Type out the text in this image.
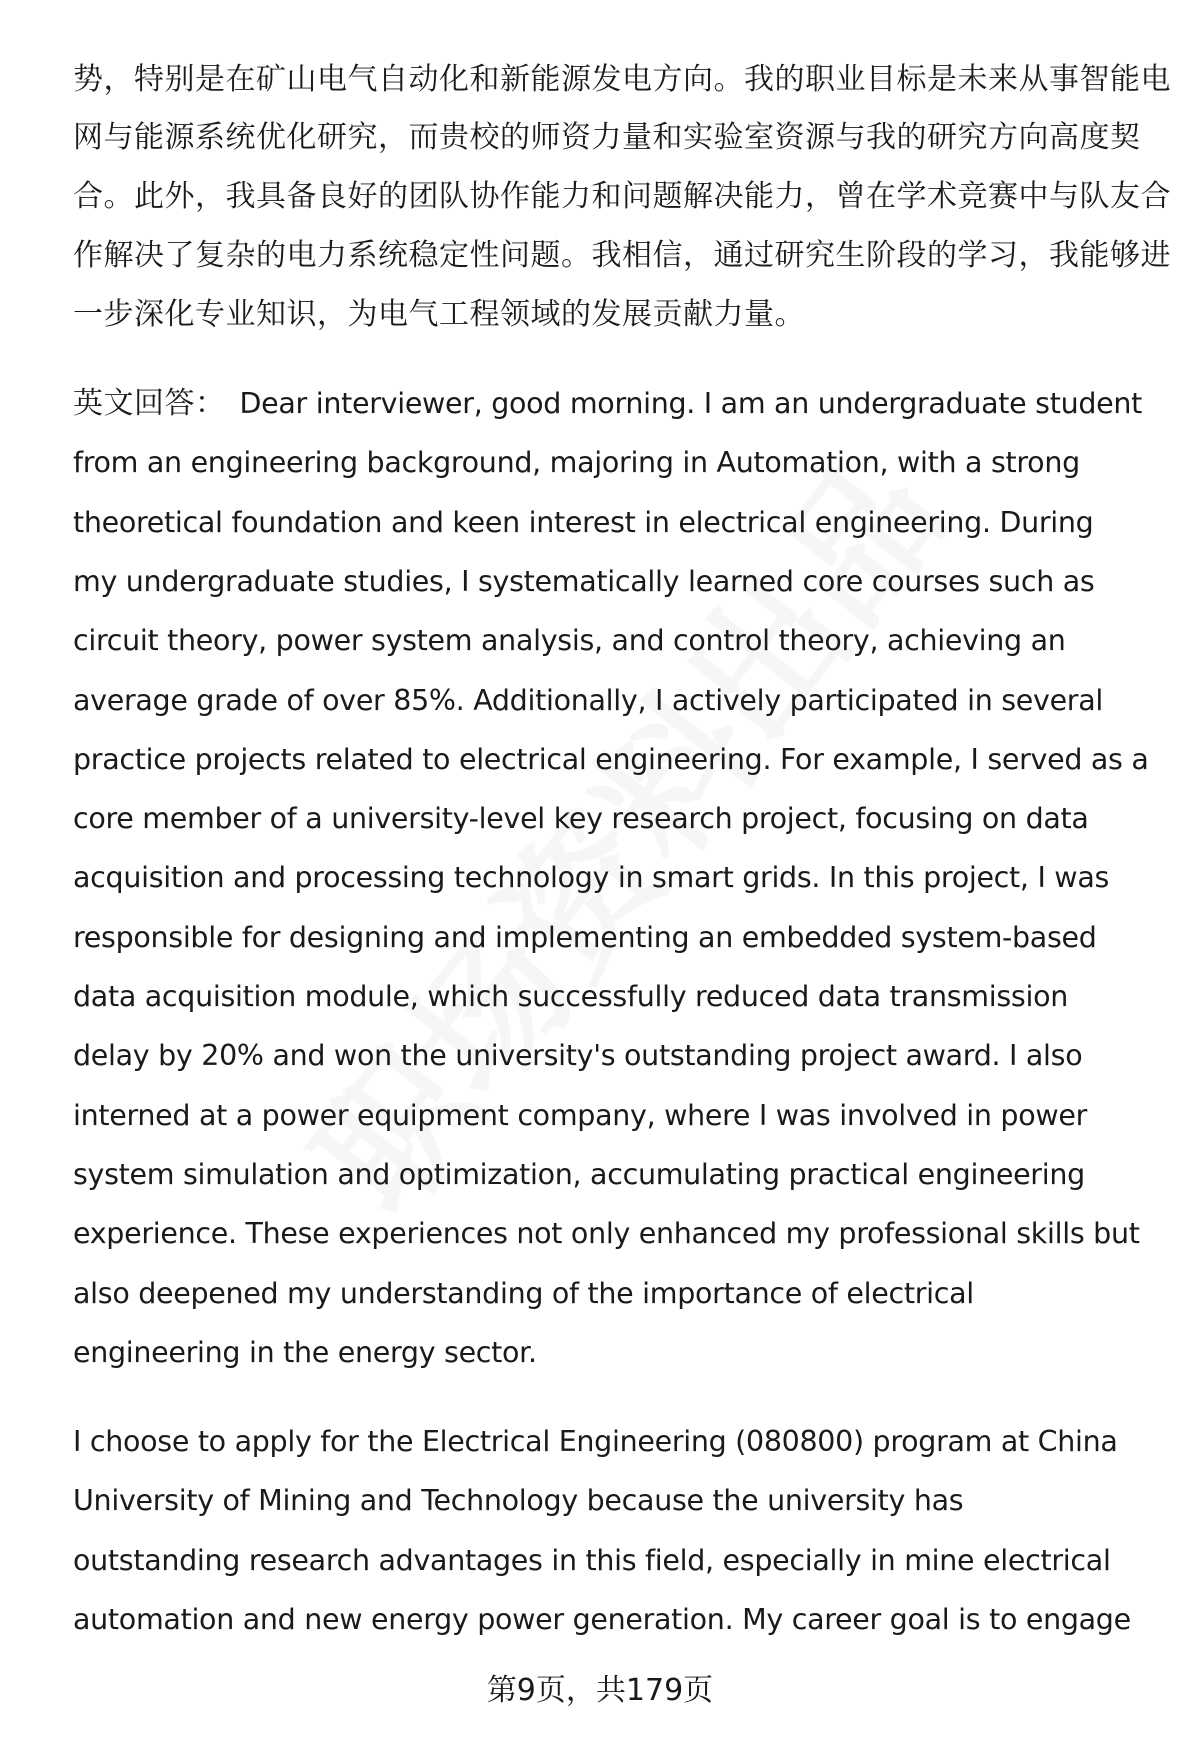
势，特别是在矿山电气自动化和新能源发电方向。我的职业目标是未来从事智能电
网与能源系统优化研究，而贵校的师资力量和实验室资源与我的研究方向高度契
合。此外，我具备良好的团队协作能力和问题解决能力，曾在学术竞赛中与队友合
作解决了复杂的电力系统稳定性问题。我相信，通过研究生阶段的学习，我能够进
一步深化专业知识，为电气工程领域的发展贡献力量。
英文回答： Dear interviewer, good morning. I am an undergraduate student
from an engineering background, majoring in Automation, with a strong
theoretical foundation and keen interest in electrical engineering. During
my undergraduate studies, I systematically learned core courses such as
circuit theory, power system analysis, and control theory, achieving an
average grade of over 85%. Additionally, I actively participated in several
practice projects related to electrical engineering. For example, I served as a
core member of a university-level key research project, focusing on data
acquisition and processing technology in smart grids. In this project, I was
responsible for designing and implementing an embedded system-based
data acquisition module, which successfully reduced data transmission
delay by 20% and won the university's outstanding project award. I also
interned at a power equipment company, where I was involved in power
system simulation and optimization, accumulating practical engineering
experience. These experiences not only enhanced my professional skills but
also deepened my understanding of the importance of electrical
engineering in the energy sector.
I choose to apply for the Electrical Engineering (080800) program at China
University of Mining and Technology because the university has
outstanding research advantages in this field, especially in mine electrical
automation and new energy power generation. My career goal is to engage
第9页，共179页
